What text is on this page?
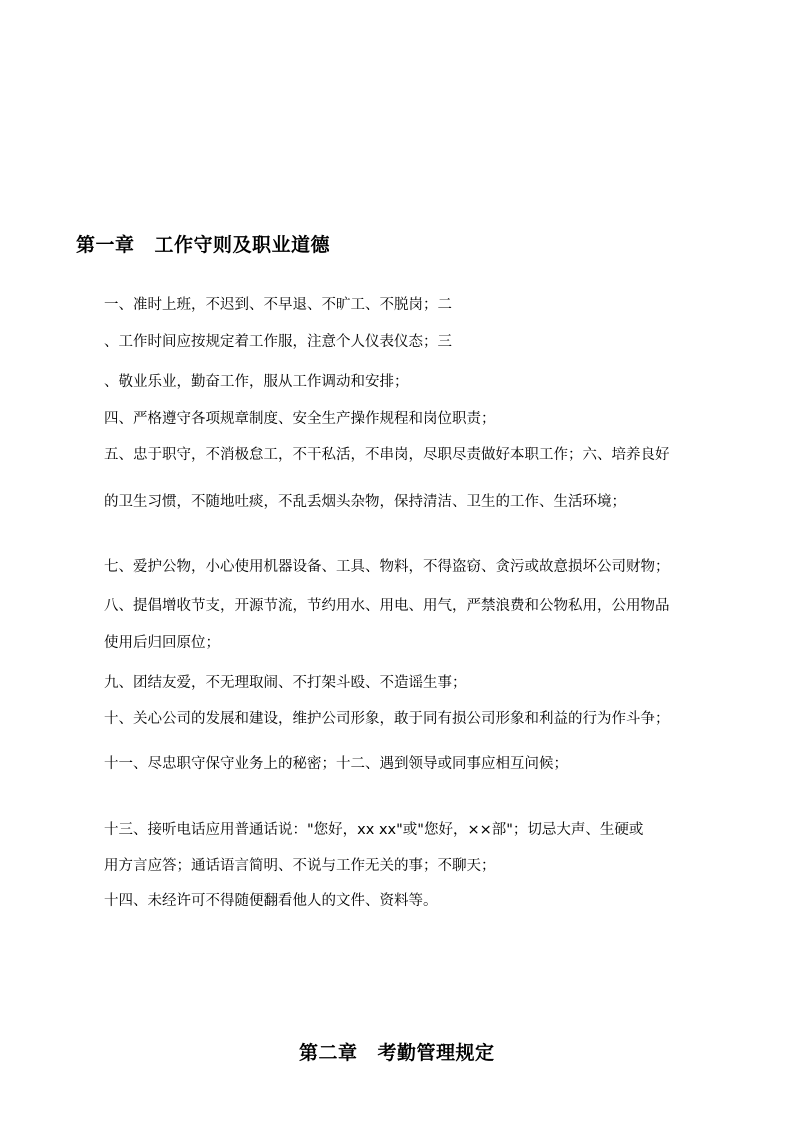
第一章 工作守则及职业道德
一、准时上班，不迟到、不早退、不旷工、不脱岗；二
、工作时间应按规定着工作服，注意个人仪表仪态；三
、敬业乐业，勤奋工作，服从工作调动和安排；
四、严格遵守各项规章制度、安全生产操作规程和岗位职责；
五、忠于职守，不消极怠工，不干私活，不串岗，尽职尽责做好本职工作；六、培养良好
的卫生习惯，不随地吐痰，不乱丢烟头杂物，保持清洁、卫生的工作、生活环境；
七、爱护公物，小心使用机器设备、工具、物料，不得盗窃、贪污或故意损坏公司财物；
八、提倡增收节支，开源节流，节约用水、用电、用气，严禁浪费和公物私用，公用物品
使用后归回原位；
九、团结友爱，不无理取闹、不打架斗殴、不造谣生事；
十、关心公司的发展和建设，维护公司形象，敢于同有损公司形象和利益的行为作斗争；
十一、尽忠职守保守业务上的秘密；十二、遇到领导或同事应相互问候；
十三、接听电话应用普通话说："您好，xx xx"或"您好，××部"；切忌大声、生硬或
用方言应答；通话语言简明、不说与工作无关的事；不聊天；
十四、未经许可不得随便翻看他人的文件、资料等。
第二章 考勤管理规定
